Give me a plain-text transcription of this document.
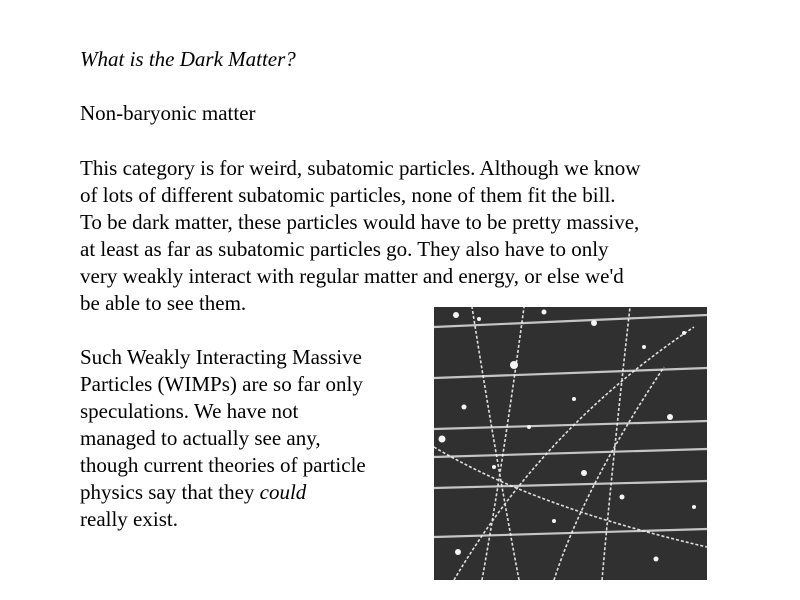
What is the Dark Matter?
Non-baryonic matter
This category is for weird, subatomic particles. Although we know
of lots of different subatomic particles, none of them fit the bill.
To be dark matter, these particles would have to be pretty massive,
at least as far as subatomic particles go. They also have to only
very weakly interact with regular matter and energy, or else we'd
be able to see them.
Such Weakly Interacting Massive
Particles (WIMPs) are so far only
speculations. We have not
managed to actually see any,
though current theories of particle
physics say that they could
really exist.
